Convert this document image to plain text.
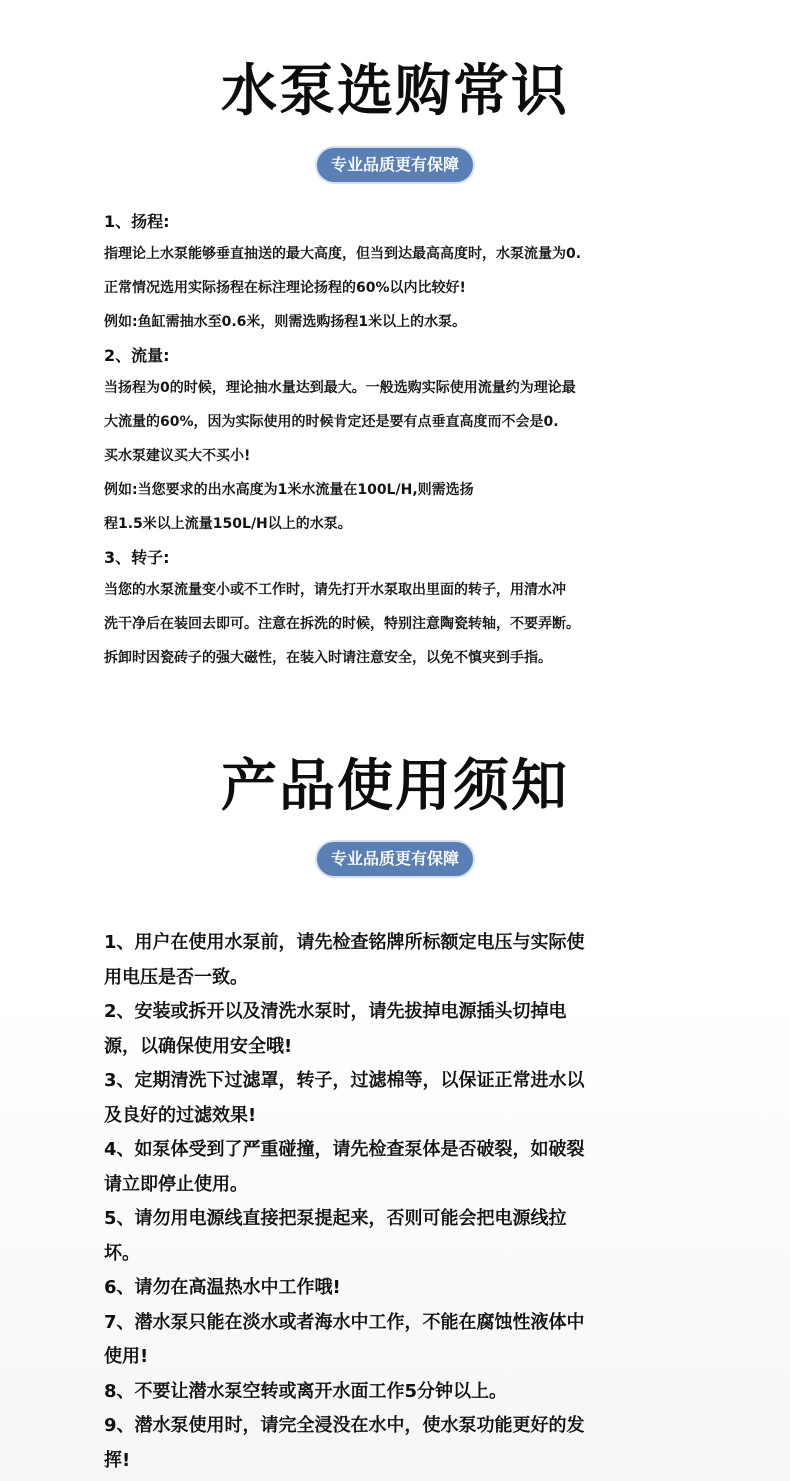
水泵选购常识
专业品质更有保障
1、扬程:
指理论上水泵能够垂直抽送的最大高度，但当到达最高高度时，水泵流量为0.
正常情况选用实际扬程在标注理论扬程的60%以内比较好!
例如:鱼缸需抽水至0.6米，则需选购扬程1米以上的水泵。
2、流量:
当扬程为0的时候，理论抽水量达到最大。一般选购实际使用流量约为理论最
大流量的60%，因为实际使用的时候肯定还是要有点垂直高度而不会是0.
买水泵建议买大不买小!
例如:当您要求的出水高度为1米水流量在100L/H,则需选扬
程1.5米以上流量150L/H以上的水泵。
3、转子:
当您的水泵流量变小或不工作时，请先打开水泵取出里面的转子，用清水冲
洗干净后在装回去即可。注意在拆洗的时候，特别注意陶瓷转轴，不要弄断。
拆卸时因瓷砖子的强大磁性，在装入时请注意安全，以免不慎夹到手指。
产品使用须知
专业品质更有保障
1、用户在使用水泵前，请先检查铭牌所标额定电压与实际使
用电压是否一致。
2、安装或拆开以及清洗水泵时，请先拔掉电源插头切掉电
源，以确保使用安全哦!
3、定期清洗下过滤罩，转子，过滤棉等，以保证正常进水以
及良好的过滤效果!
4、如泵体受到了严重碰撞，请先检查泵体是否破裂，如破裂
请立即停止使用。
5、请勿用电源线直接把泵提起来，否则可能会把电源线拉
坏。
6、请勿在高温热水中工作哦!
7、潜水泵只能在淡水或者海水中工作，不能在腐蚀性液体中
使用!
8、不要让潜水泵空转或离开水面工作5分钟以上。
9、潜水泵使用时，请完全浸没在水中，使水泵功能更好的发
挥!
